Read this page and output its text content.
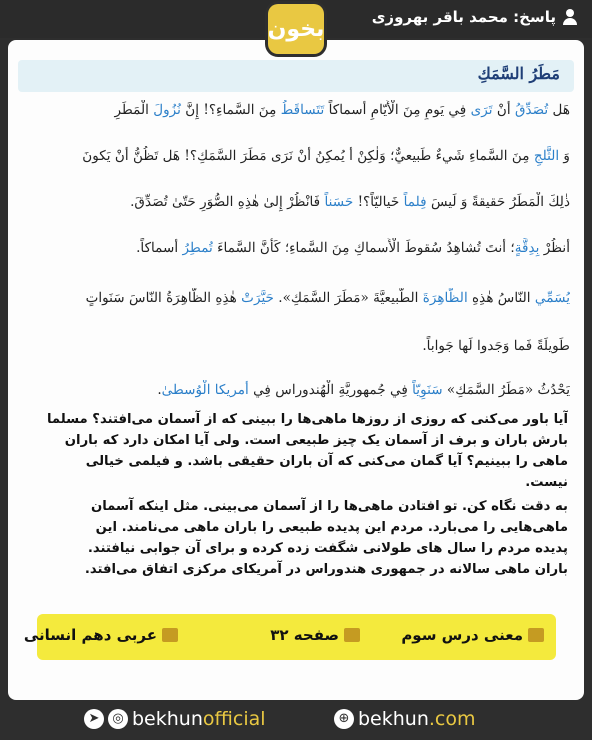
پاسخ: محمد باقر بهروزی
بخون
مَطَرُ السَّمَكِ
هَل تُصَدِّقُ أَنْ تَرَى فِي يَومٍ مِنَ الْأَيّامِ أَسماكاً تَتَساقَطُ مِنَ السَّماءِ؟! إِنَّ نُزُولَ الْمَطَرِ
وَ الثَّلجِ مِنَ السَّماءِ شَيءٌ طَبيعيٌّ؛ وَلٰكِنْ أَ يُمكِنُ أَنْ نَرَى مَطَرَ السَّمَكِ؟! هَل تَظُنُّ أَنْ يَكونَ
ذٰلِكَ الْمَطَرُ حَقيقةً وَ لَيسَ فِلماً خَياليّاً؟! حَسَناً فَانْظُرْ إِلىٰ هٰذِهِ الصُّوَرِ حَتّىٰ تُصَدِّقَ.
أُنظُرْ بِدِقَّةٍ؛ أَنتَ تُشاهِدُ سُقوطَ الْأَسماكِ مِنَ السَّماءِ؛ كَأَنَّ السَّماءَ تُمطِرُ أَسماكاً.
يُسَمِّي النّاسُ هٰذِهِ الظّاهِرَةَ الطَّبيعيَّةَ «مَطَرَ السَّمَكِ». حَيَّرَتْ هٰذِهِ الظّاهِرَةُ النّاسَ سَنَواتٍ
طَويلَةً فَما وَجَدوا لَها جَواباً.
يَحْدُثُ «مَطَرُ السَّمَكِ» سَنَوِيّاً فِي جُمهوريَّةِ الْهُندوراس فِي أَمريكا الْوُسطىٰ.
آیا باور می‌کنی که روزی از روزها ماهی‌ها را ببینی که از آسمان می‌افتند؟ مسلما
بارش باران و برف از آسمان یک چیز طبیعی است. ولی آیا امکان دارد که باران
ماهی را ببینیم؟ آیا گمان می‌کنی که آن باران حقیقی باشد. و فیلمی خیالی
نیست.
به دقت نگاه کن. تو افتادن ماهی‌ها را از آسمان می‌بینی. مثل اینکه آسمان
ماهی‌هایی را می‌بارد. مردم این پدیده طبیعی را باران ماهی می‌نامند. این
پدیده مردم را سال های طولانی شگفت زده کرده و برای آن جوابی نیافتند.
باران ماهی سالانه در جمهوری هندوراس در آمریکای مرکزی اتفاق می‌افتد.
معنی درس سوم
صفحه ۳۲
عربی دهم انسانی
➤ ◎ bekhunofficial	⊕ bekhun.com
